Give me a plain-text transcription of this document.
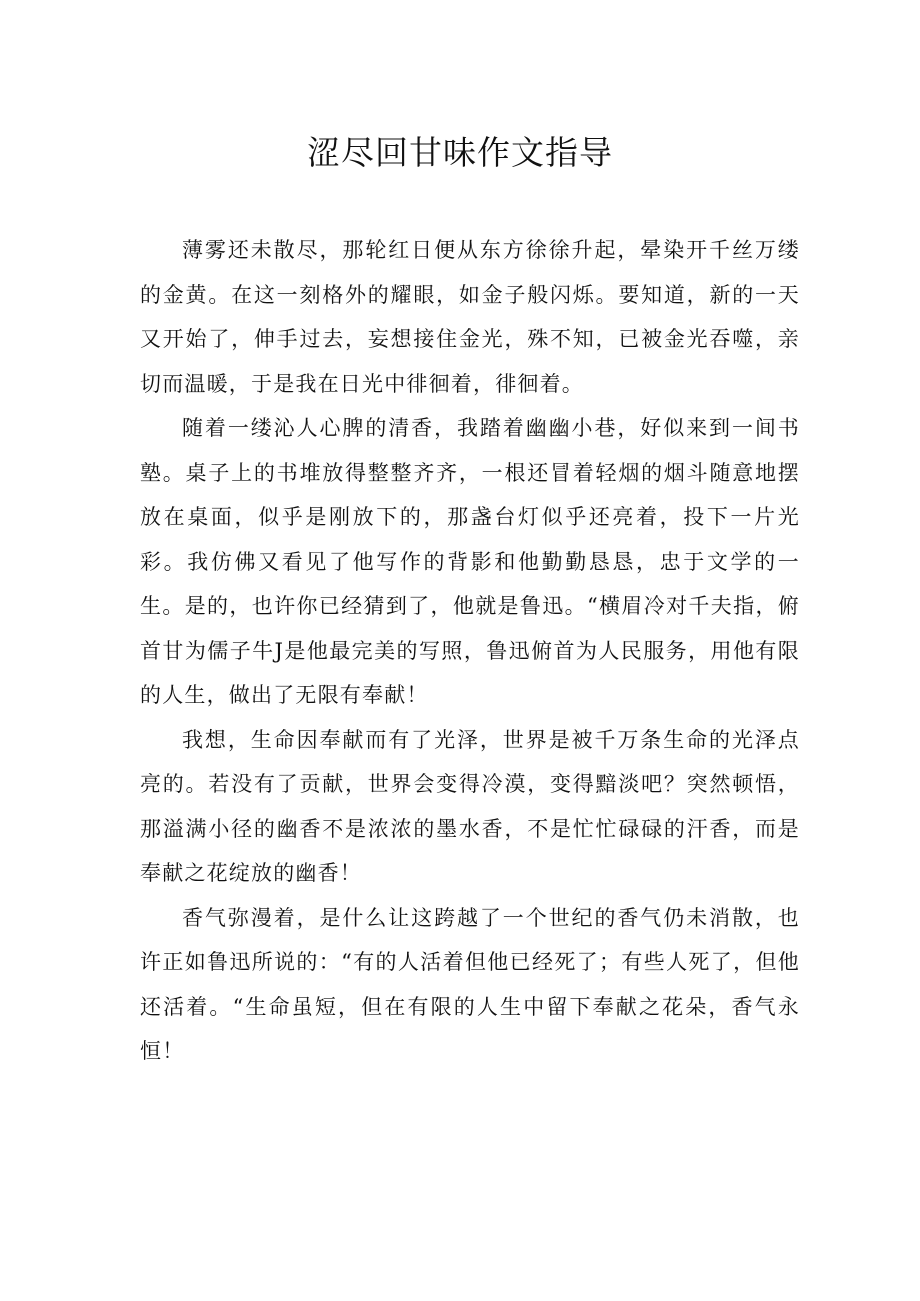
涩尽回甘味作文指导

薄雾还未散尽，那轮红日便从东方徐徐升起，晕染开千丝万缕的金黄。在这一刻格外的耀眼，如金子般闪烁。要知道，新的一天又开始了，伸手过去，妄想接住金光，殊不知，已被金光吞噬，亲切而温暖，于是我在日光中徘徊着，徘徊着。

随着一缕沁人心脾的清香，我踏着幽幽小巷，好似来到一间书塾。桌子上的书堆放得整整齐齐，一根还冒着轻烟的烟斗随意地摆放在桌面，似乎是刚放下的，那盏台灯似乎还亮着，投下一片光彩。我仿佛又看见了他写作的背影和他勤勤恳恳，忠于文学的一生。是的，也许你已经猜到了，他就是鲁迅。“横眉冷对千夫指，俯首甘为儒子牛J是他最完美的写照，鲁迅俯首为人民服务，用他有限的人生，做出了无限有奉献！

我想，生命因奉献而有了光泽，世界是被千万条生命的光泽点亮的。若没有了贡献，世界会变得冷漠，变得黯淡吧？突然顿悟，那溢满小径的幽香不是浓浓的墨水香，不是忙忙碌碌的汗香，而是奉献之花绽放的幽香！

香气弥漫着，是什么让这跨越了一个世纪的香气仍未消散，也许正如鲁迅所说的：“有的人活着但他已经死了；有些人死了，但他还活着。“生命虽短，但在有限的人生中留下奉献之花朵，香气永恒！
